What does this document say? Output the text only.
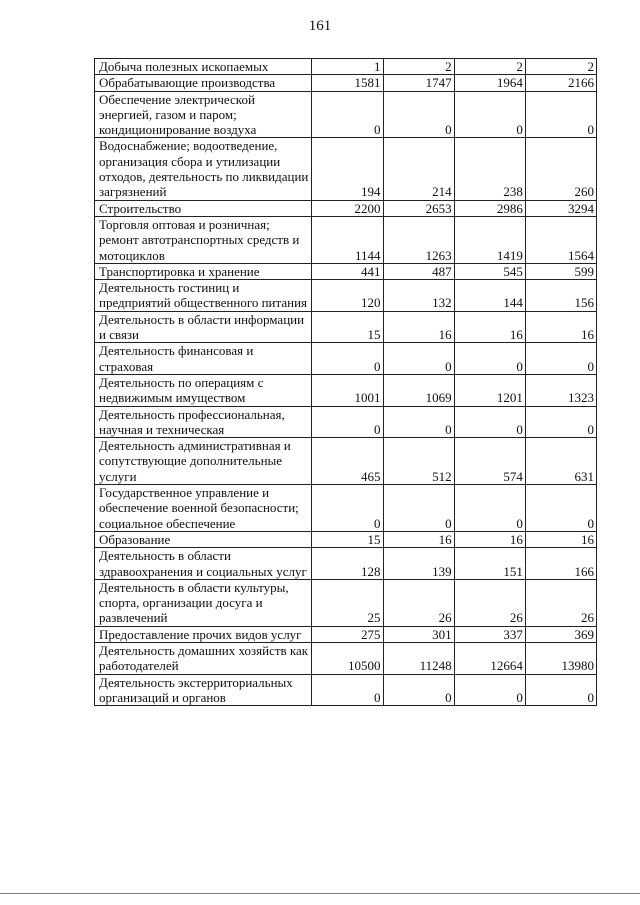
161
Добыча полезных ископаемых	1	2	2	2
Обрабатывающие производства	1581	1747	1964	2166
Обеспечение электрической энергией, газом и паром; кондиционирование воздуха	0	0	0	0
Водоснабжение; водоотведение, организация сбора и утилизации отходов, деятельность по ликвидации загрязнений	194	214	238	260
Строительство	2200	2653	2986	3294
Торговля оптовая и розничная; ремонт автотранспортных средств и мотоциклов	1144	1263	1419	1564
Транспортировка и хранение	441	487	545	599
Деятельность гостиниц и предприятий общественного питания	120	132	144	156
Деятельность в области информации и связи	15	16	16	16
Деятельность финансовая и страховая	0	0	0	0
Деятельность по операциям с недвижимым имуществом	1001	1069	1201	1323
Деятельность профессиональная, научная и техническая	0	0	0	0
Деятельность административная и сопутствующие дополнительные услуги	465	512	574	631
Государственное управление и обеспечение военной безопасности; социальное обеспечение	0	0	0	0
Образование	15	16	16	16
Деятельность в области здравоохранения и социальных услуг	128	139	151	166
Деятельность в области культуры, спорта, организации досуга и развлечений	25	26	26	26
Предоставление прочих видов услуг	275	301	337	369
Деятельность домашних хозяйств как работодателей	10500	11248	12664	13980
Деятельность экстерриториальных организаций и органов	0	0	0	0
